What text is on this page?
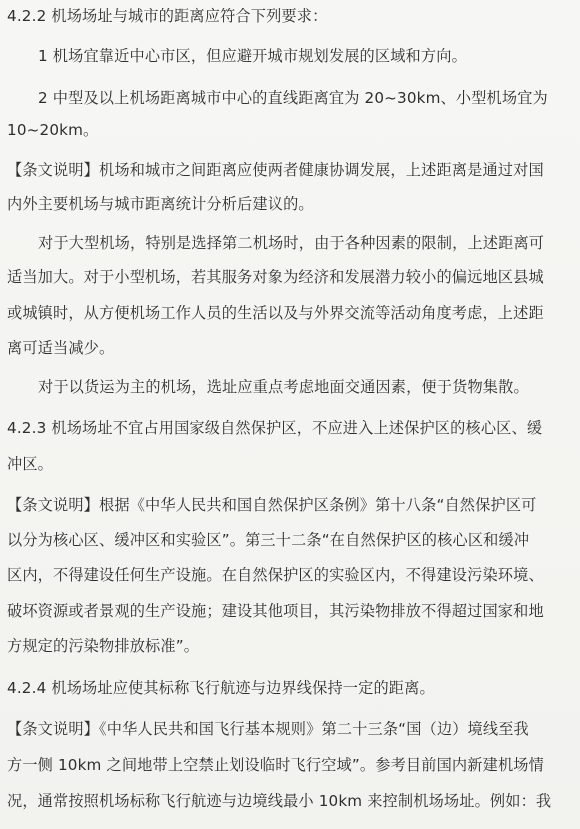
4.2.2 机场场址与城市的距离应符合下列要求：
1 机场宜靠近中心市区，但应避开城市规划发展的区域和方向。
2 中型及以上机场距离城市中心的直线距离宜为 20~30km、小型机场宜为
10~20km。
【条文说明】机场和城市之间距离应使两者健康协调发展，上述距离是通过对国
内外主要机场与城市距离统计分析后建议的。
对于大型机场，特别是选择第二机场时，由于各种因素的限制，上述距离可
适当加大。对于小型机场，若其服务对象为经济和发展潜力较小的偏远地区县城
或城镇时，从方便机场工作人员的生活以及与外界交流等活动角度考虑，上述距
离可适当减少。
对于以货运为主的机场，选址应重点考虑地面交通因素，便于货物集散。
4.2.3 机场场址不宜占用国家级自然保护区，不应进入上述保护区的核心区、缓
冲区。
【条文说明】根据《中华人民共和国自然保护区条例》第十八条“自然保护区可
以分为核心区、缓冲区和实验区”。第三十二条“在自然保护区的核心区和缓冲
区内，不得建设任何生产设施。在自然保护区的实验区内，不得建设污染环境、
破坏资源或者景观的生产设施；建设其他项目，其污染物排放不得超过国家和地
方规定的污染物排放标准”。
4.2.4 机场场址应使其标称飞行航迹与边界线保持一定的距离。
【条文说明】《中华人民共和国飞行基本规则》第二十三条“国（边）境线至我
方一侧 10km 之间地带上空禁止划设临时飞行空域”。参考目前国内新建机场情
况，通常按照机场标称飞行航迹与边境线最小 10km 来控制机场场址。例如：我
